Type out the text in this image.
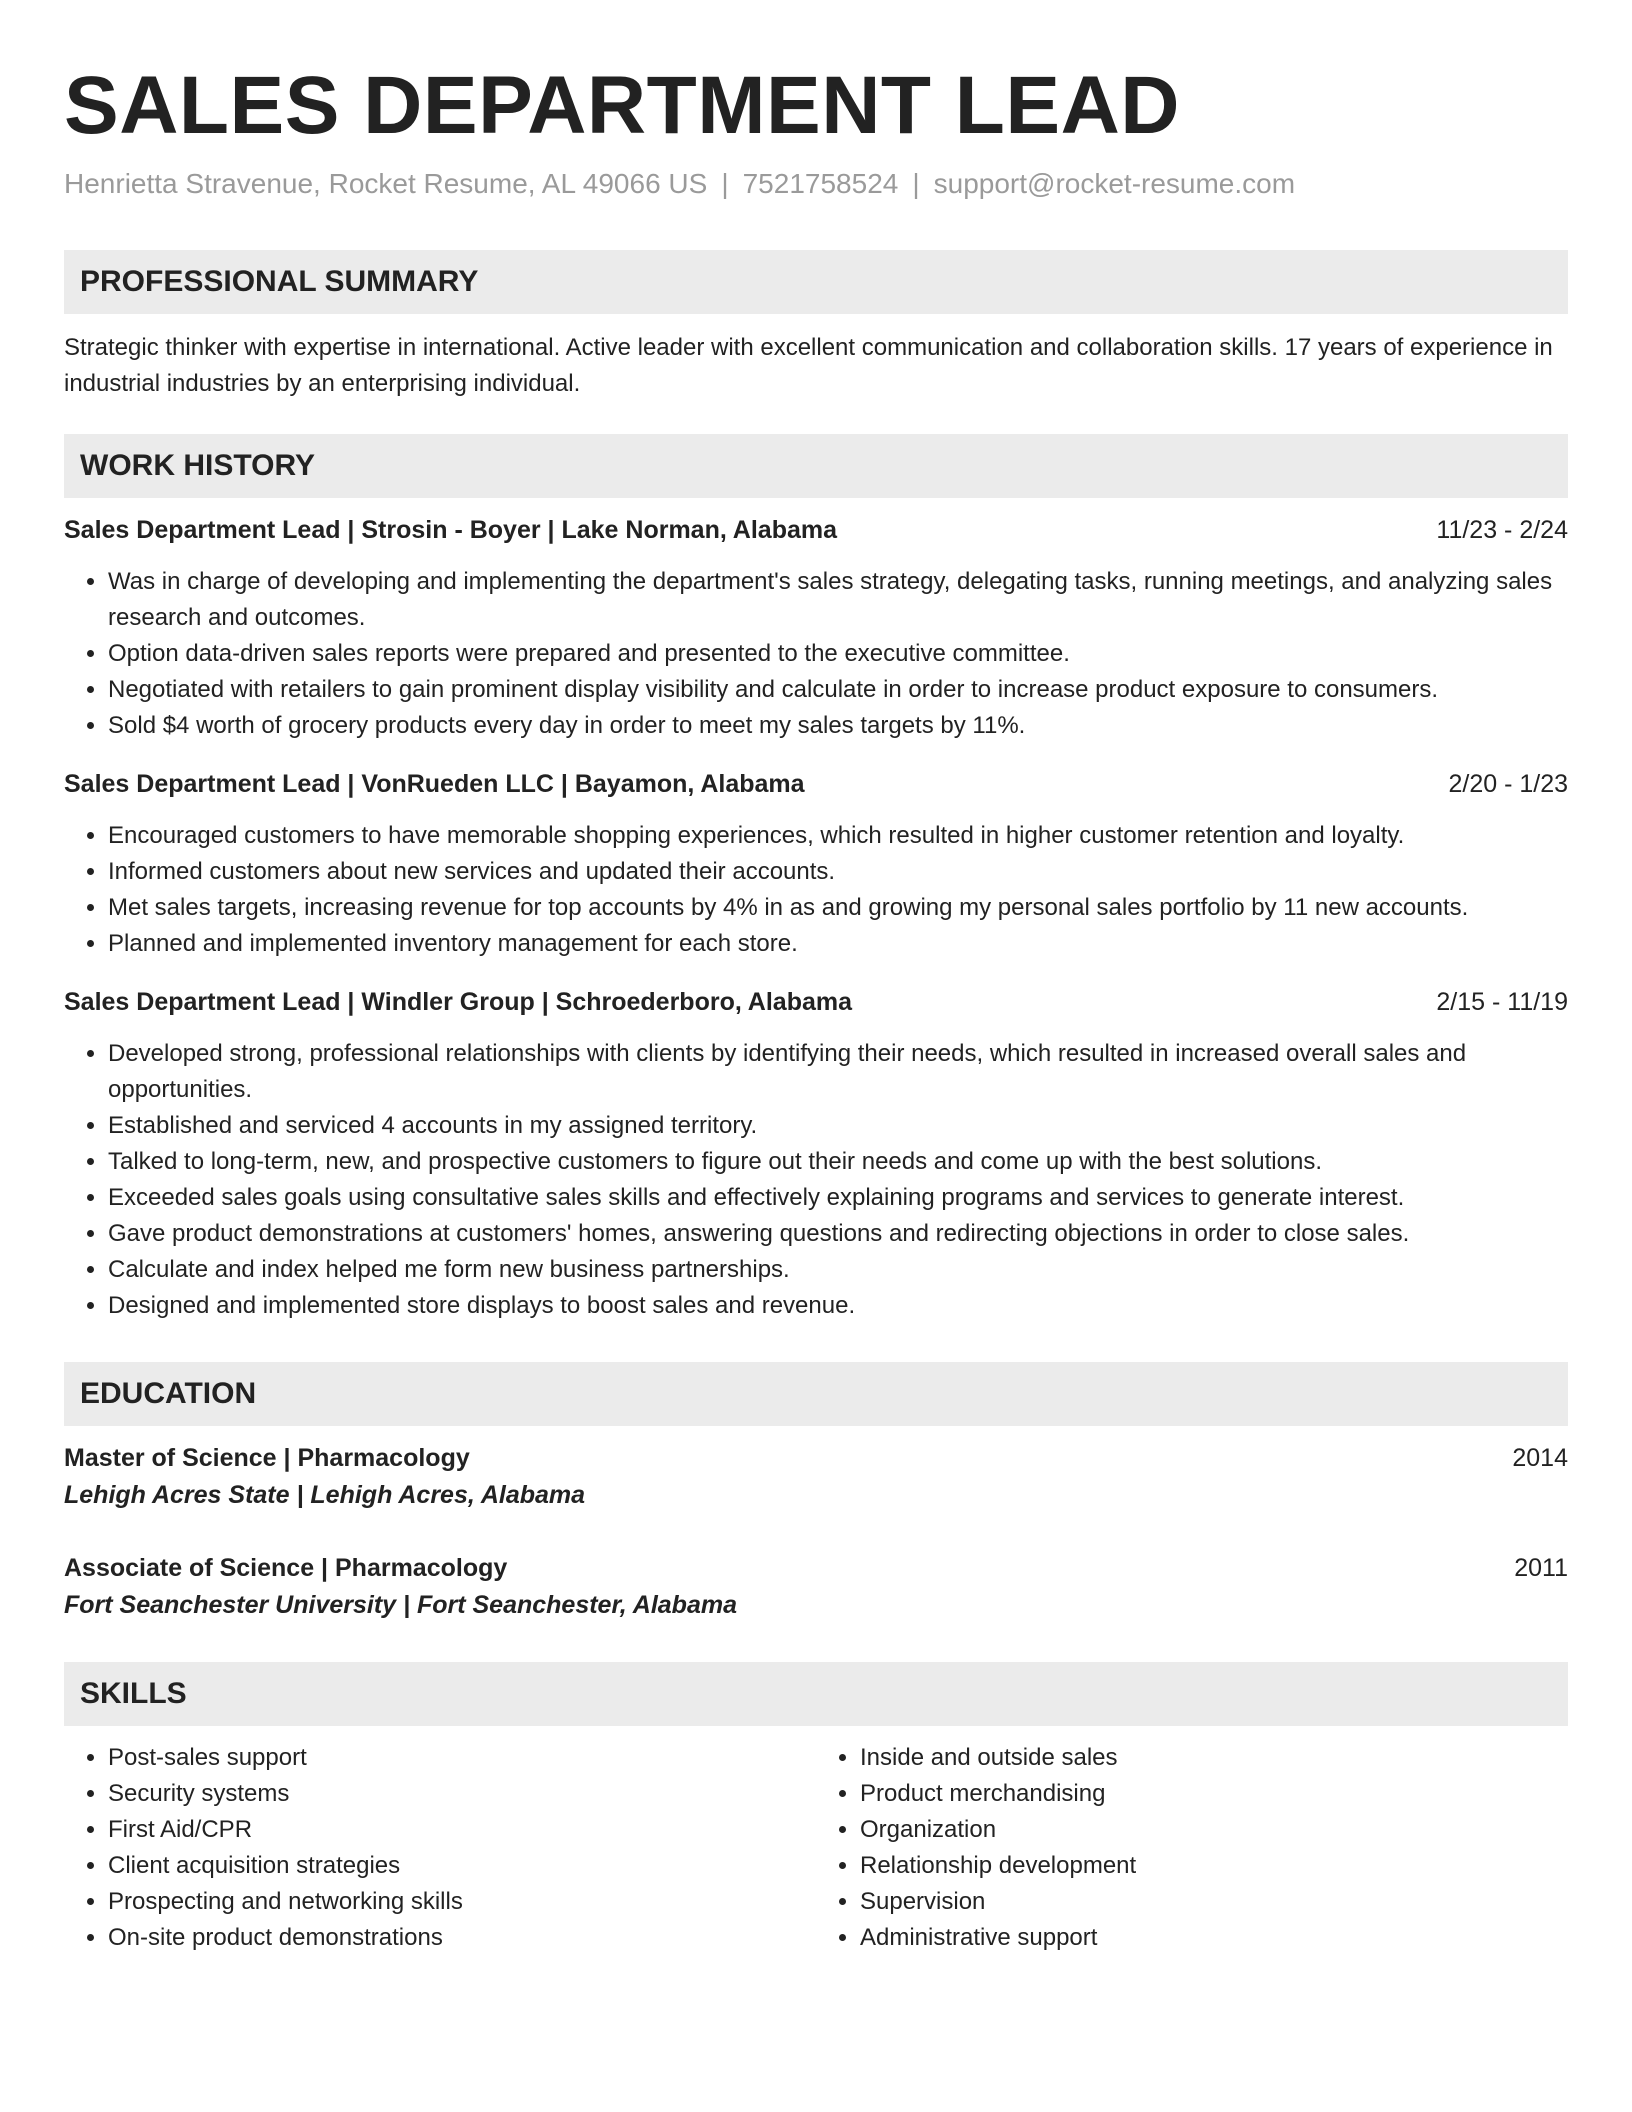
SALES DEPARTMENT LEAD
Henrietta Stravenue, Rocket Resume, AL 49066 US | 7521758524 | support@rocket-resume.com
PROFESSIONAL SUMMARY
Strategic thinker with expertise in international. Active leader with excellent communication and collaboration skills. 17 years of experience in industrial industries by an enterprising individual.
WORK HISTORY
Sales Department Lead | Strosin - Boyer | Lake Norman, Alabama	11/23 - 2/24
• Was in charge of developing and implementing the department's sales strategy, delegating tasks, running meetings, and analyzing sales research and outcomes.
• Option data-driven sales reports were prepared and presented to the executive committee.
• Negotiated with retailers to gain prominent display visibility and calculate in order to increase product exposure to consumers.
• Sold $4 worth of grocery products every day in order to meet my sales targets by 11%.
Sales Department Lead | VonRueden LLC | Bayamon, Alabama	2/20 - 1/23
• Encouraged customers to have memorable shopping experiences, which resulted in higher customer retention and loyalty.
• Informed customers about new services and updated their accounts.
• Met sales targets, increasing revenue for top accounts by 4% in as and growing my personal sales portfolio by 11 new accounts.
• Planned and implemented inventory management for each store.
Sales Department Lead | Windler Group | Schroederboro, Alabama	2/15 - 11/19
• Developed strong, professional relationships with clients by identifying their needs, which resulted in increased overall sales and opportunities.
• Established and serviced 4 accounts in my assigned territory.
• Talked to long-term, new, and prospective customers to figure out their needs and come up with the best solutions.
• Exceeded sales goals using consultative sales skills and effectively explaining programs and services to generate interest.
• Gave product demonstrations at customers' homes, answering questions and redirecting objections in order to close sales.
• Calculate and index helped me form new business partnerships.
• Designed and implemented store displays to boost sales and revenue.
EDUCATION
Master of Science | Pharmacology	2014
Lehigh Acres State | Lehigh Acres, Alabama
Associate of Science | Pharmacology	2011
Fort Seanchester University | Fort Seanchester, Alabama
SKILLS
• Post-sales support
• Security systems
• First Aid/CPR
• Client acquisition strategies
• Prospecting and networking skills
• On-site product demonstrations
• Inside and outside sales
• Product merchandising
• Organization
• Relationship development
• Supervision
• Administrative support
